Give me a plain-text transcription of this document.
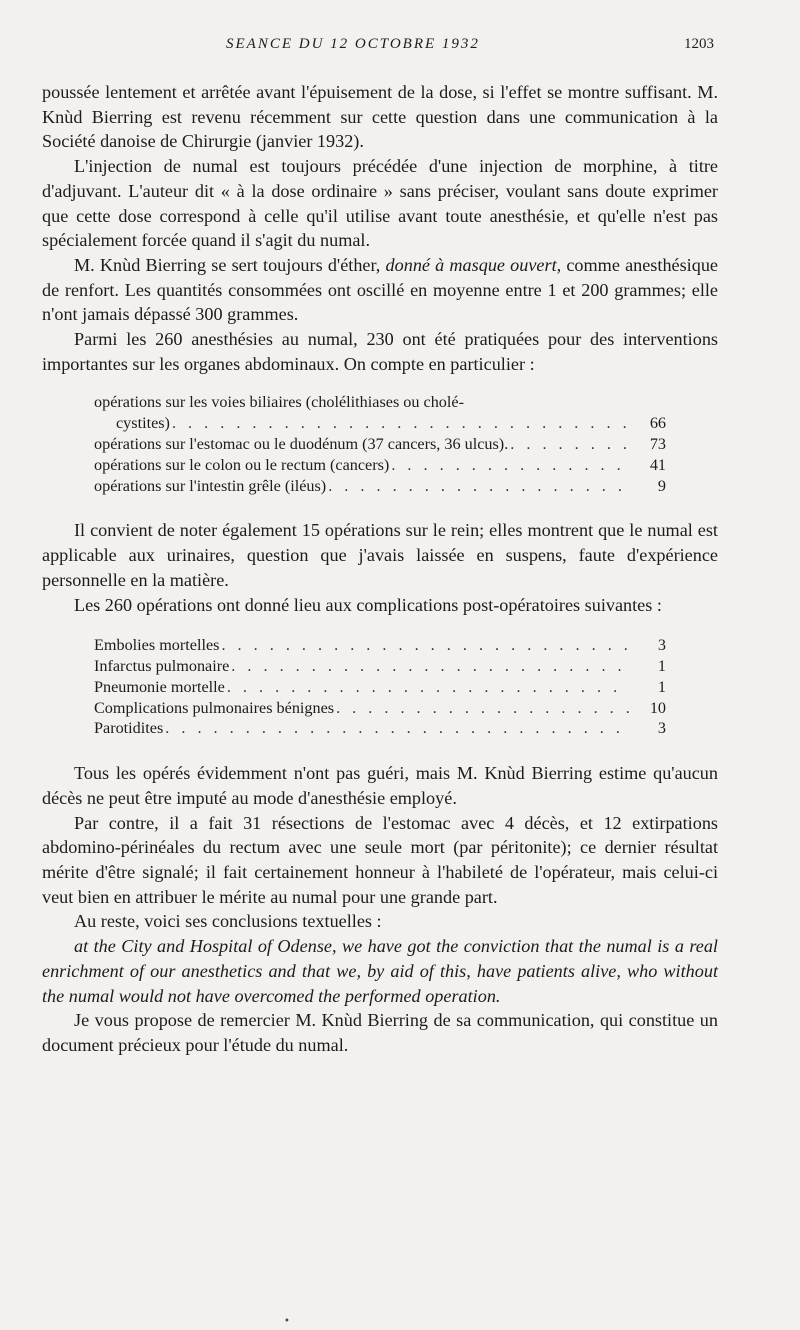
SEANCE DU 12 OCTOBRE 1932	1203

poussée lentement et arrêtée avant l'épuisement de la dose, si l'effet se montre suffisant. M. Knùd Bierring est revenu récemment sur cette question dans une communication à la Société danoise de Chirurgie (janvier 1932).

L'injection de numal est toujours précédée d'une injection de morphine, à titre d'adjuvant. L'auteur dit « à la dose ordinaire » sans préciser, voulant sans doute exprimer que cette dose correspond à celle qu'il utilise avant toute anesthésie, et qu'elle n'est pas spécialement forcée quand il s'agit du numal.

M. Knùd Bierring se sert toujours d'éther, donné à masque ouvert, comme anesthésique de renfort. Les quantités consommées ont oscillé en moyenne entre 1 et 200 grammes; elle n'ont jamais dépassé 300 grammes.

Parmi les 260 anesthésies au numal, 230 ont été pratiquées pour des interventions importantes sur les organes abdominaux. On compte en particulier :

opérations sur les voies biliaires (cholélithiases ou cholé-
cystites) . . .	66
opérations sur l'estomac ou le duodénum (37 cancers, 36 ulcus). . . .	73
opérations sur le colon ou le rectum (cancers) . . .	41
opérations sur l'intestin grêle (iléus) . . .	9

Il convient de noter également 15 opérations sur le rein; elles montrent que le numal est applicable aux urinaires, question que j'avais laissée en suspens, faute d'expérience personnelle en la matière.

Les 260 opérations ont donné lieu aux complications post-opératoires suivantes :

Embolies mortelles . . .	3
Infarctus pulmonaire . . .	1
Pneumonie mortelle . . .	1
Complications pulmonaires bénignes . . .	10
Parotidites . . .	3

Tous les opérés évidemment n'ont pas guéri, mais M. Knùd Bierring estime qu'aucun décès ne peut être imputé au mode d'anesthésie employé.

Par contre, il a fait 31 résections de l'estomac avec 4 décès, et 12 extirpations abdomino-périnéales du rectum avec une seule mort (par péritonite); ce dernier résultat mérite d'être signalé; il fait certainement honneur à l'habileté de l'opérateur, mais celui-ci veut bien en attribuer le mérite au numal pour une grande part.

Au reste, voici ses conclusions textuelles :

at the City and Hospital of Odense, we have got the conviction that the numal is a real enrichment of our anesthetics and that we, by aid of this, have patients alive, who without the numal would not have overcomed the performed operation.

Je vous propose de remercier M. Knùd Bierring de sa communication, qui constitue un document précieux pour l'étude du numal.

•
